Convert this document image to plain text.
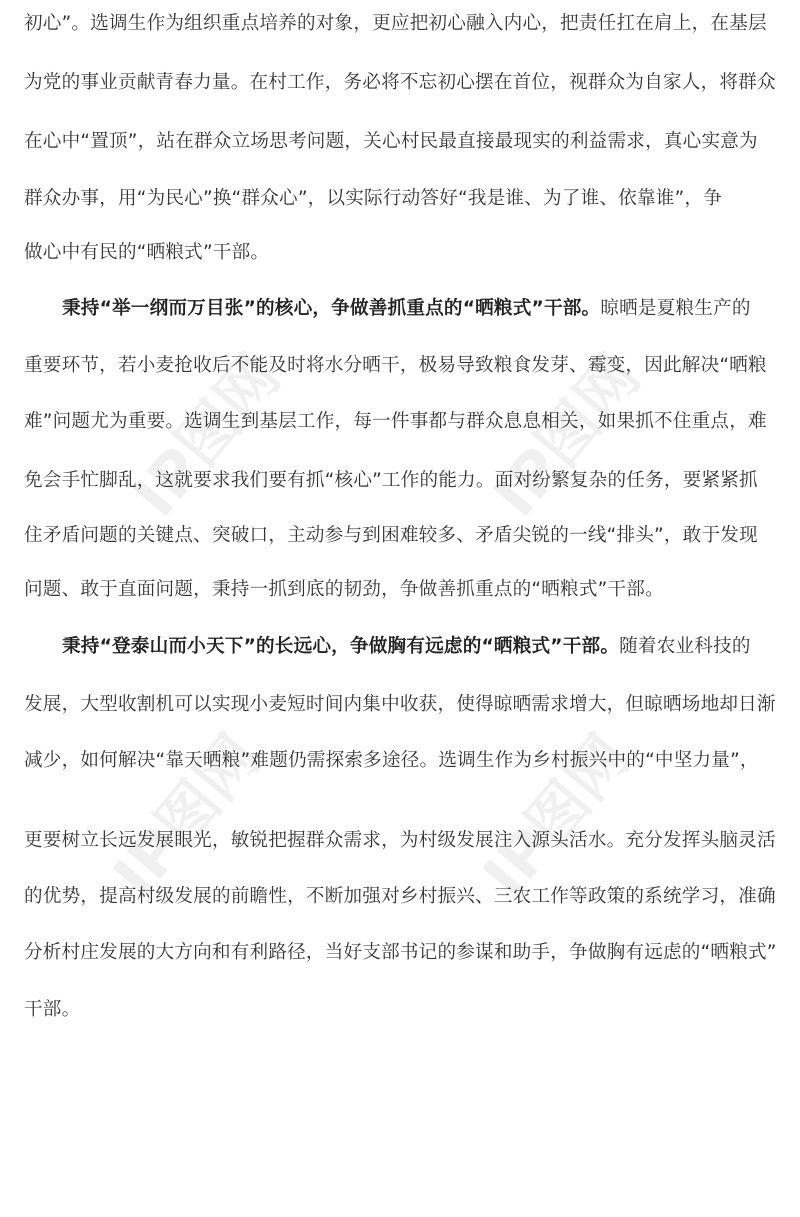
初心”。选调生作为组织重点培养的对象，更应把初心融入内心，把责任扛在肩上，在基层
为党的事业贡献青春力量。在村工作，务必将不忘初心摆在首位，视群众为自家人，将群众
在心中“置顶”，站在群众立场思考问题，关心村民最直接最现实的利益需求，真心实意为
群众办事，用“为民心”换“群众心”，以实际行动答好“我是谁、为了谁、依靠谁”，争
做心中有民的“晒粮式”干部。
秉持“举一纲而万目张”的核心，争做善抓重点的“晒粮式”干部。晾晒是夏粮生产的
重要环节，若小麦抢收后不能及时将水分晒干，极易导致粮食发芽、霉变，因此解决“晒粮
难”问题尤为重要。选调生到基层工作，每一件事都与群众息息相关，如果抓不住重点，难
免会手忙脚乱，这就要求我们要有抓“核心”工作的能力。面对纷繁复杂的任务，要紧紧抓
住矛盾问题的关键点、突破口，主动参与到困难较多、矛盾尖锐的一线“排头”，敢于发现
问题、敢于直面问题，秉持一抓到底的韧劲，争做善抓重点的“晒粮式”干部。
秉持“登泰山而小天下”的长远心，争做胸有远虑的“晒粮式”干部。随着农业科技的
发展，大型收割机可以实现小麦短时间内集中收获，使得晾晒需求增大，但晾晒场地却日渐
减少，如何解决“靠天晒粮”难题仍需探索多途径。选调生作为乡村振兴中的“中坚力量”，
更要树立长远发展眼光，敏锐把握群众需求，为村级发展注入源头活水。充分发挥头脑灵活
的优势，提高村级发展的前瞻性，不断加强对乡村振兴、三农工作等政策的系统学习，准确
分析村庄发展的大方向和有利路径，当好支部书记的参谋和助手，争做胸有远虑的“晒粮式”
干部。
IP图网	IP图网
IP图网	IP图网
